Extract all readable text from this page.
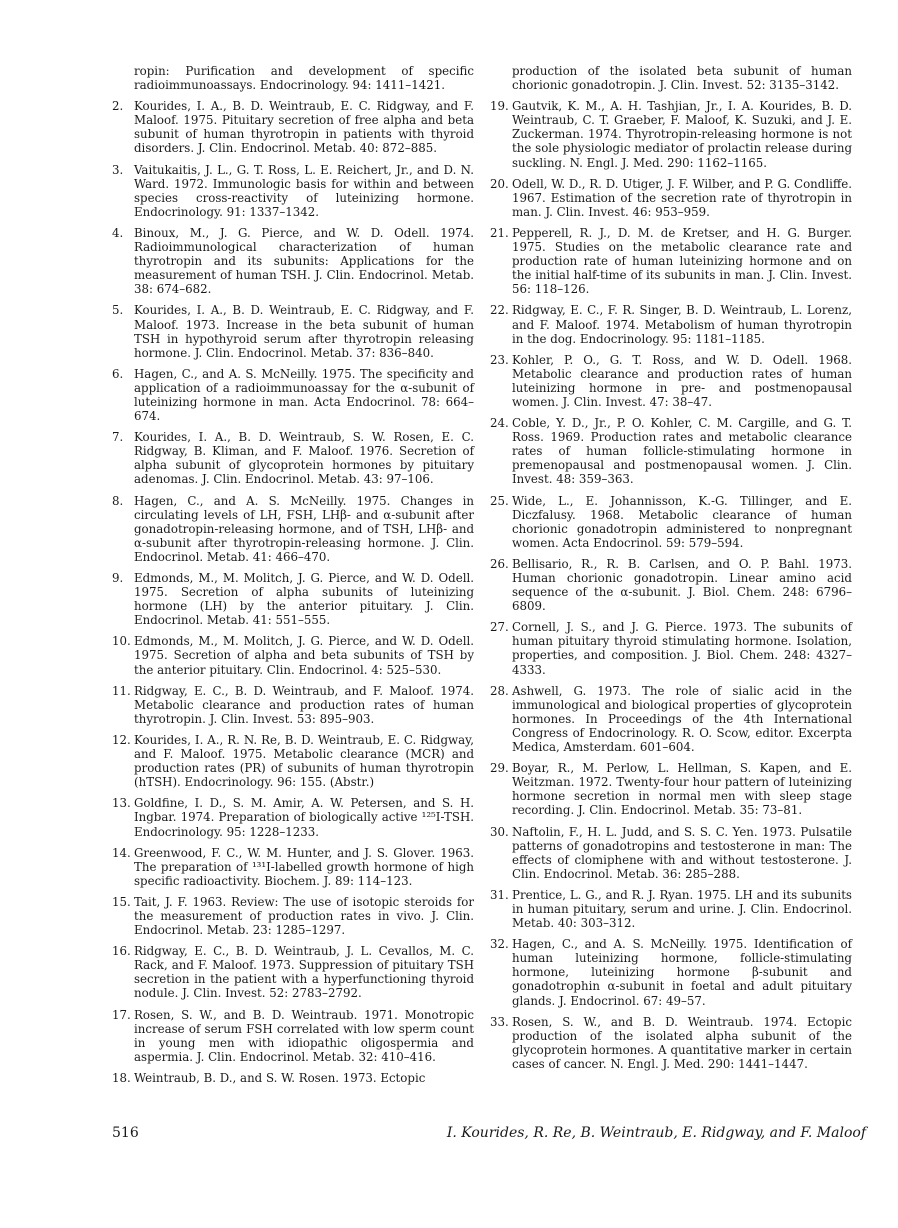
ropin: Purification and development of specific radioimmunoassays. Endocrinology. 94: 1411–1421.
2. Kourides, I. A., B. D. Weintraub, E. C. Ridgway, and F. Maloof. 1975. Pituitary secretion of free alpha and beta subunit of human thyrotropin in patients with thyroid disorders. J. Clin. Endocrinol. Metab. 40: 872–885.
3. Vaitukaitis, J. L., G. T. Ross, L. E. Reichert, Jr., and D. N. Ward. 1972. Immunologic basis for within and between species cross-reactivity of luteinizing hormone. Endocrinology. 91: 1337–1342.
4. Binoux, M., J. G. Pierce, and W. D. Odell. 1974. Radioimmunological characterization of human thyrotropin and its subunits: Applications for the measurement of human TSH. J. Clin. Endocrinol. Metab. 38: 674–682.
5. Kourides, I. A., B. D. Weintraub, E. C. Ridgway, and F. Maloof. 1973. Increase in the beta subunit of human TSH in hypothyroid serum after thyrotropin releasing hormone. J. Clin. Endocrinol. Metab. 37: 836–840.
6. Hagen, C., and A. S. McNeilly. 1975. The specificity and application of a radioimmunoassay for the α-subunit of luteinizing hormone in man. Acta Endocrinol. 78: 664–674.
7. Kourides, I. A., B. D. Weintraub, S. W. Rosen, E. C. Ridgway, B. Kliman, and F. Maloof. 1976. Secretion of alpha subunit of glycoprotein hormones by pituitary adenomas. J. Clin. Endocrinol. Metab. 43: 97–106.
8. Hagen, C., and A. S. McNeilly. 1975. Changes in circulating levels of LH, FSH, LHβ- and α-subunit after gonadotropin-releasing hormone, and of TSH, LHβ- and α-subunit after thyrotropin-releasing hormone. J. Clin. Endocrinol. Metab. 41: 466–470.
9. Edmonds, M., M. Molitch, J. G. Pierce, and W. D. Odell. 1975. Secretion of alpha subunits of luteinizing hormone (LH) by the anterior pituitary. J. Clin. Endocrinol. Metab. 41: 551–555.
10. Edmonds, M., M. Molitch, J. G. Pierce, and W. D. Odell. 1975. Secretion of alpha and beta subunits of TSH by the anterior pituitary. Clin. Endocrinol. 4: 525–530.
11. Ridgway, E. C., B. D. Weintraub, and F. Maloof. 1974. Metabolic clearance and production rates of human thyrotropin. J. Clin. Invest. 53: 895–903.
12. Kourides, I. A., R. N. Re, B. D. Weintraub, E. C. Ridgway, and F. Maloof. 1975. Metabolic clearance (MCR) and production rates (PR) of subunits of human thyrotropin (hTSH). Endocrinology. 96: 155. (Abstr.)
13. Goldfine, I. D., S. M. Amir, A. W. Petersen, and S. H. Ingbar. 1974. Preparation of biologically active ¹²⁵I-TSH. Endocrinology. 95: 1228–1233.
14. Greenwood, F. C., W. M. Hunter, and J. S. Glover. 1963. The preparation of ¹³¹I-labelled growth hormone of high specific radioactivity. Biochem. J. 89: 114–123.
15. Tait, J. F. 1963. Review: The use of isotopic steroids for the measurement of production rates in vivo. J. Clin. Endocrinol. Metab. 23: 1285–1297.
16. Ridgway, E. C., B. D. Weintraub, J. L. Cevallos, M. C. Rack, and F. Maloof. 1973. Suppression of pituitary TSH secretion in the patient with a hyperfunctioning thyroid nodule. J. Clin. Invest. 52: 2783–2792.
17. Rosen, S. W., and B. D. Weintraub. 1971. Monotropic increase of serum FSH correlated with low sperm count in young men with idiopathic oligospermia and aspermia. J. Clin. Endocrinol. Metab. 32: 410–416.
18. Weintraub, B. D., and S. W. Rosen. 1973. Ectopic
production of the isolated beta subunit of human chorionic gonadotropin. J. Clin. Invest. 52: 3135–3142.
19. Gautvik, K. M., A. H. Tashjian, Jr., I. A. Kourides, B. D. Weintraub, C. T. Graeber, F. Maloof, K. Suzuki, and J. E. Zuckerman. 1974. Thyrotropin-releasing hormone is not the sole physiologic mediator of prolactin release during suckling. N. Engl. J. Med. 290: 1162–1165.
20. Odell, W. D., R. D. Utiger, J. F. Wilber, and P. G. Condliffe. 1967. Estimation of the secretion rate of thyrotropin in man. J. Clin. Invest. 46: 953–959.
21. Pepperell, R. J., D. M. de Kretser, and H. G. Burger. 1975. Studies on the metabolic clearance rate and production rate of human luteinizing hormone and on the initial half-time of its subunits in man. J. Clin. Invest. 56: 118–126.
22. Ridgway, E. C., F. R. Singer, B. D. Weintraub, L. Lorenz, and F. Maloof. 1974. Metabolism of human thyrotropin in the dog. Endocrinology. 95: 1181–1185.
23. Kohler, P. O., G. T. Ross, and W. D. Odell. 1968. Metabolic clearance and production rates of human luteinizing hormone in pre- and postmenopausal women. J. Clin. Invest. 47: 38–47.
24. Coble, Y. D., Jr., P. O. Kohler, C. M. Cargille, and G. T. Ross. 1969. Production rates and metabolic clearance rates of human follicle-stimulating hormone in premenopausal and postmenopausal women. J. Clin. Invest. 48: 359–363.
25. Wide, L., E. Johannisson, K.-G. Tillinger, and E. Diczfalusy. 1968. Metabolic clearance of human chorionic gonadotropin administered to nonpregnant women. Acta Endocrinol. 59: 579–594.
26. Bellisario, R., R. B. Carlsen, and O. P. Bahl. 1973. Human chorionic gonadotropin. Linear amino acid sequence of the α-subunit. J. Biol. Chem. 248: 6796–6809.
27. Cornell, J. S., and J. G. Pierce. 1973. The subunits of human pituitary thyroid stimulating hormone. Isolation, properties, and composition. J. Biol. Chem. 248: 4327–4333.
28. Ashwell, G. 1973. The role of sialic acid in the immunological and biological properties of glycoprotein hormones. In Proceedings of the 4th International Congress of Endocrinology. R. O. Scow, editor. Excerpta Medica, Amsterdam. 601–604.
29. Boyar, R., M. Perlow, L. Hellman, S. Kapen, and E. Weitzman. 1972. Twenty-four hour pattern of luteinizing hormone secretion in normal men with sleep stage recording. J. Clin. Endocrinol. Metab. 35: 73–81.
30. Naftolin, F., H. L. Judd, and S. S. C. Yen. 1973. Pulsatile patterns of gonadotropins and testosterone in man: The effects of clomiphene with and without testosterone. J. Clin. Endocrinol. Metab. 36: 285–288.
31. Prentice, L. G., and R. J. Ryan. 1975. LH and its subunits in human pituitary, serum and urine. J. Clin. Endocrinol. Metab. 40: 303–312.
32. Hagen, C., and A. S. McNeilly. 1975. Identification of human luteinizing hormone, follicle-stimulating hormone, luteinizing hormone β-subunit and gonadotrophin α-subunit in foetal and adult pituitary glands. J. Endocrinol. 67: 49–57.
33. Rosen, S. W., and B. D. Weintraub. 1974. Ectopic production of the isolated alpha subunit of the glycoprotein hormones. A quantitative marker in certain cases of cancer. N. Engl. J. Med. 290: 1441–1447.
516	I. Kourides, R. Re, B. Weintraub, E. Ridgway, and F. Maloof
